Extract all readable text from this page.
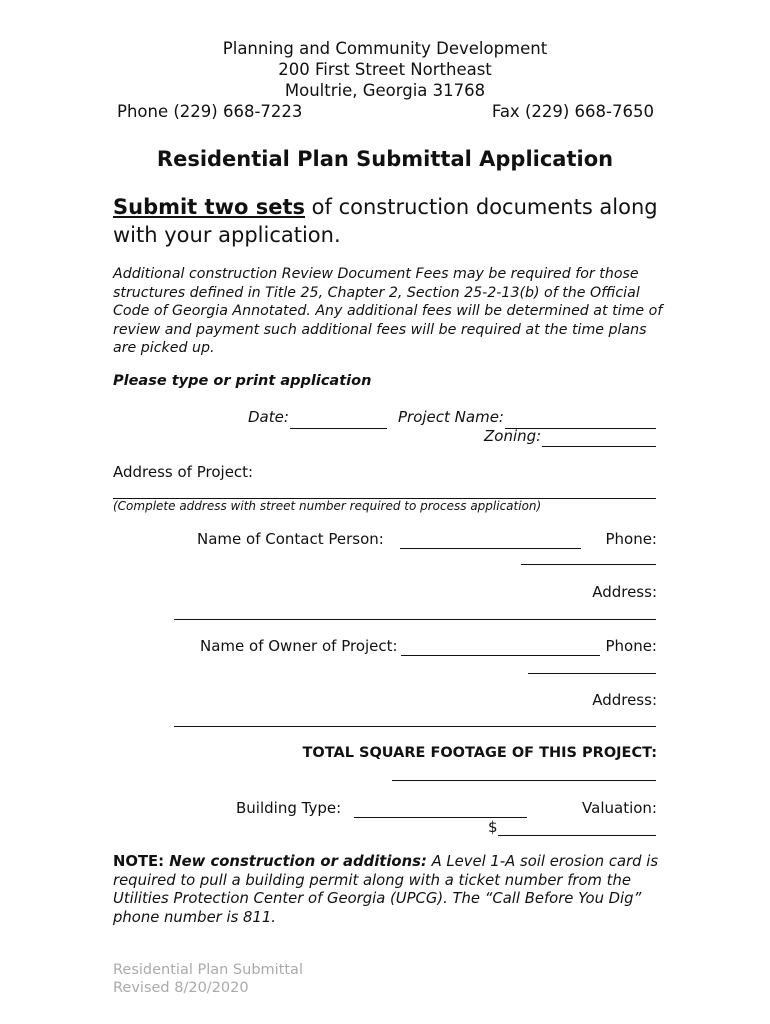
Planning and Community Development
200 First Street Northeast
Moultrie, Georgia 31768
Phone (229) 668-7223	Fax (229) 668-7650
Residential Plan Submittal Application
Submit two sets of construction documents along with your application.
Additional construction Review Document Fees may be required for those structures defined in Title 25, Chapter 2, Section 25-2-13(b) of the Official Code of Georgia Annotated. Any additional fees will be determined at time of review and payment such additional fees will be required at the time plans are picked up.
Please type or print application
Date:	Project Name:
Zoning:
Address of Project:
(Complete address with street number required to process application)
Name of Contact Person:	Phone:
Address:
Name of Owner of Project:	Phone:
Address:
TOTAL SQUARE FOOTAGE OF THIS PROJECT:
Building Type:	Valuation:
$
NOTE: New construction or additions: A Level 1-A soil erosion card is required to pull a building permit along with a ticket number from the Utilities Protection Center of Georgia (UPCG). The “Call Before You Dig” phone number is 811.
Residential Plan Submittal
Revised 8/20/2020
